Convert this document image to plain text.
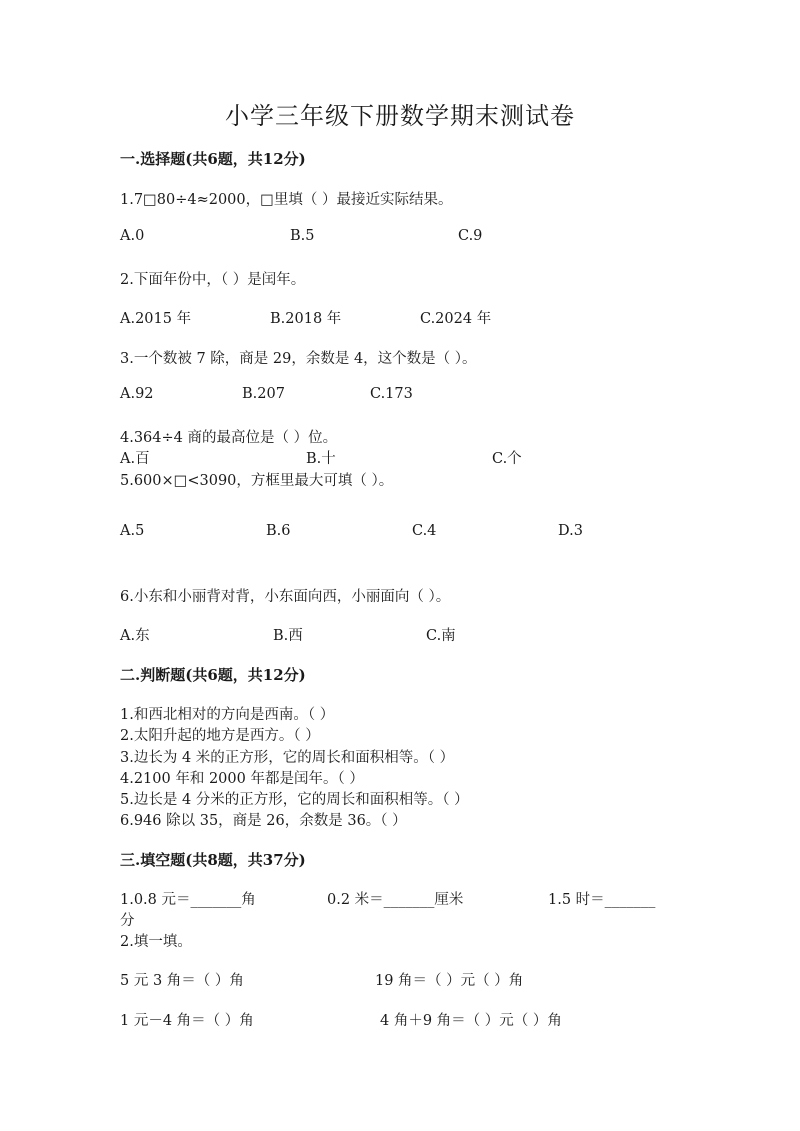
小学三年级下册数学期末测试卷
一.选择题(共6题，共12分)
1.7□80÷4≈2000，□里填（ ）最接近实际结果。
A.0	B.5	C.9
2.下面年份中，（ ）是闰年。
A.2015 年	B.2018 年	C.2024 年
3.一个数被 7 除，商是 29，余数是 4，这个数是（ ）。
A.92	B.207	C.173
4.364÷4 商的最高位是（ ）位。
A.百	B.十	C.个
5.600×□<3090，方框里最大可填（ ）。
A.5	B.6	C.4	D.3
6.小东和小丽背对背，小东面向西，小丽面向（ ）。
A.东	B.西	C.南
二.判断题(共6题，共12分)
1.和西北相对的方向是西南。（ ）
2.太阳升起的地方是西方。（ ）
3.边长为 4 米的正方形，它的周长和面积相等。（ ）
4.2100 年和 2000 年都是闰年。（ ）
5.边长是 4 分米的正方形，它的周长和面积相等。（ ）
6.946 除以 35，商是 26，余数是 36。（ ）
三.填空题(共8题，共37分)
1.0.8 元＝_______角	0.2 米＝_______厘米	1.5 时＝_______
分
2.填一填。
5 元 3 角＝（ ）角	19 角＝（ ）元（ ）角
1 元－4 角＝（ ）角	4 角＋9 角＝（ ）元（ ）角
